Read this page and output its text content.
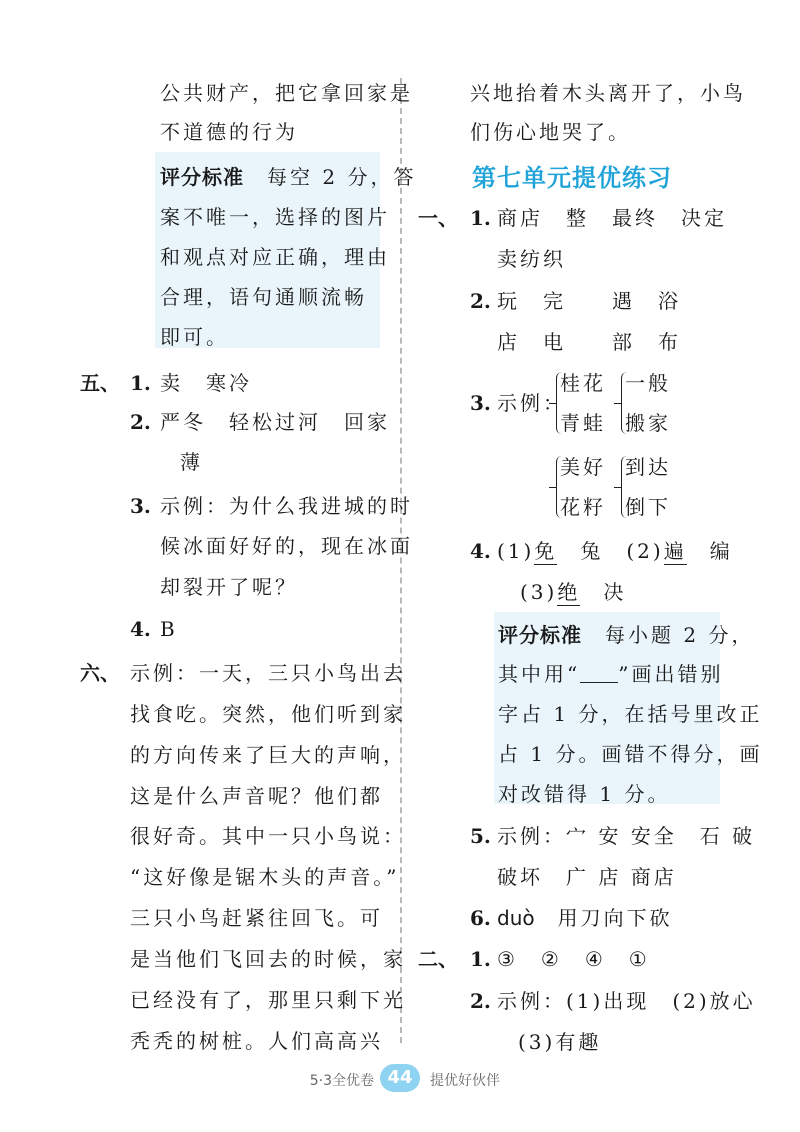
公共财产，把它拿回家是
不道德的行为
评分标准　 每空 2 分，答
案不唯一，选择的图片
和观点对应正确，理由
合理，语句通顺流畅
即可。
五、 1. 卖　寒冷
2. 严冬　轻松过河　回家
薄
3. 示例：为什么我进城的时
候冰面好好的，现在冰面
却裂开了呢？
4. B
六、 示例：一天，三只小鸟出去
找食吃。突然，他们听到家
的方向传来了巨大的声响，
这是什么声音呢？他们都
很好奇。其中一只小鸟说：
“这好像是锯木头的声音。”
三只小鸟赶紧往回飞。可
是当他们飞回去的时候，家
已经没有了，那里只剩下光
秃秃的树桩。人们高高兴
兴地抬着木头离开了，小鸟
们伤心地哭了。
第七单元提优练习
一、 1. 商店　整　最终　决定
卖纺织
2. 玩　完　　遇　浴
店　电　　部　布
3. 示例：
桂花
青蛙
一般
搬家
美好
花籽
到达
倒下
4. (1)免　 兔　 (2)遍　 编
(3)绝　 决
评分标准　 每小题 2 分，
其中用“ ”画出错别
字占 1 分，在括号里改正
占 1 分。画错不得分，画
对改错得 1 分。
5. 示例：宀 安 安全　石 破
破坏　广 店 商店
6. duò　 用刀向下砍
二、 1. ③　②　④　①
2. 示例：(1)出现　(2)放心
(3)有趣
5·3全优卷 44	提优好伙伴
